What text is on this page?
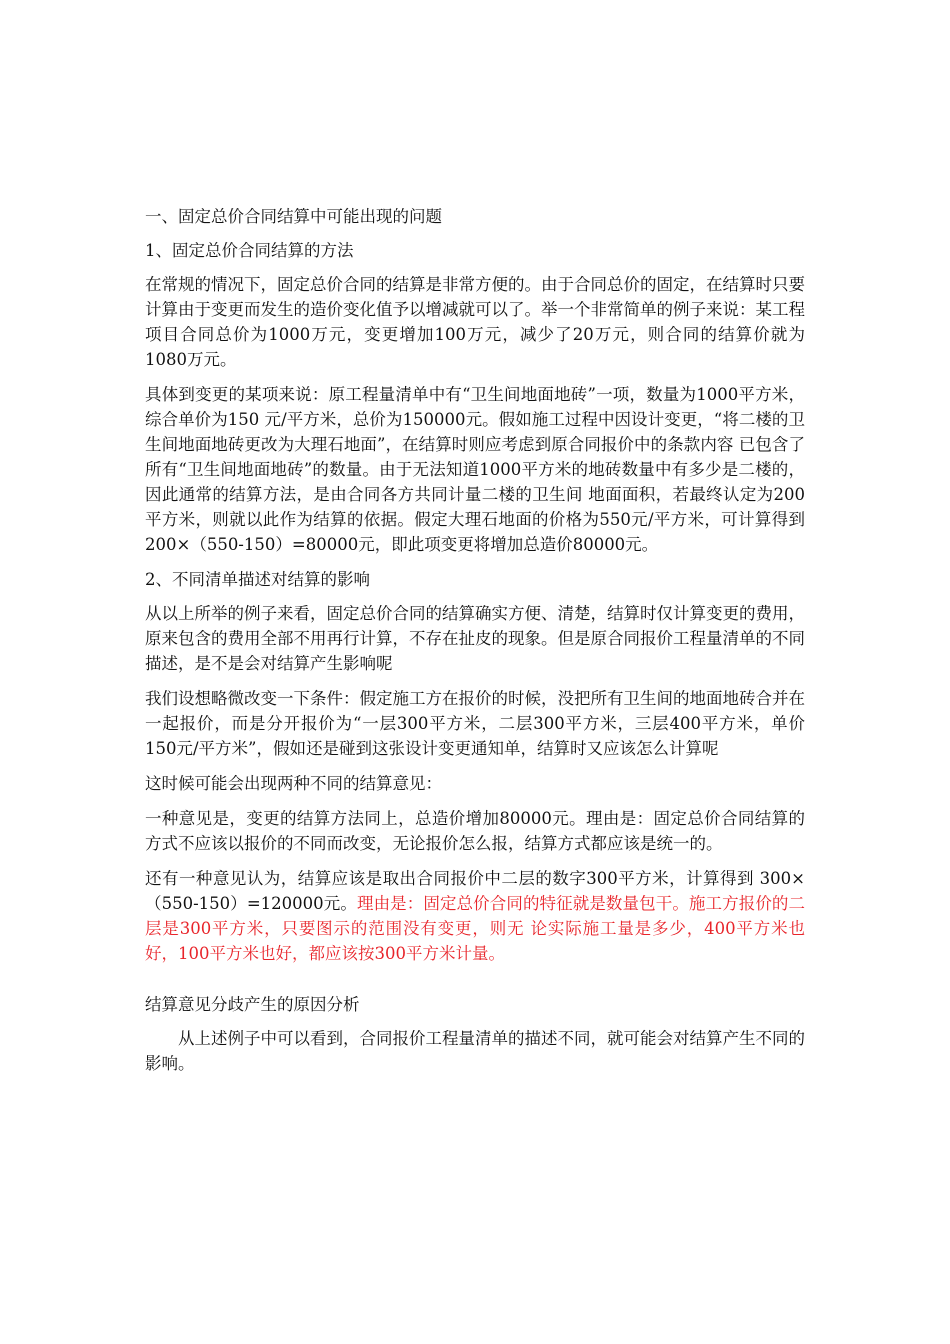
一、固定总价合同结算中可能出现的问题

1、固定总价合同结算的方法

在常规的情况下，固定总价合同的结算是非常方便的。由于合同总价的固定，在结算时只要计算由于变更而发生的造价变化值予以增减就可以了。举一个非常简单的例子来说：某工程项目合同总价为1000万元，变更增加100万元，减少了20万元，则合同的结算价就为1080万元。

具体到变更的某项来说：原工程量清单中有“卫生间地面地砖”一项，数量为1000平方米，综合单价为150 元/平方米，总价为150000元。假如施工过程中因设计变更，“将二楼的卫生间地面地砖更改为大理石地面”，在结算时则应考虑到原合同报价中的条款内容 已包含了所有“卫生间地面地砖”的数量。由于无法知道1000平方米的地砖数量中有多少是二楼的，因此通常的结算方法，是由合同各方共同计量二楼的卫生间 地面面积，若最终认定为200平方米，则就以此作为结算的依据。假定大理石地面的价格为550元/平方米，可计算得到200×（550-150）=80000元，即此项变更将增加总造价80000元。

2、不同清单描述对结算的影响

从以上所举的例子来看，固定总价合同的结算确实方便、清楚，结算时仅计算变更的费用，原来包含的费用全部不用再行计算，不存在扯皮的现象。但是原合同报价工程量清单的不同描述，是不是会对结算产生影响呢

我们设想略微改变一下条件：假定施工方在报价的时候，没把所有卫生间的地面地砖合并在一起报价，而是分开报价为“一层300平方米，二层300平方米，三层400平方米，单价150元/平方米”，假如还是碰到这张设计变更通知单，结算时又应该怎么计算呢

这时候可能会出现两种不同的结算意见：

一种意见是，变更的结算方法同上，总造价增加80000元。理由是：固定总价合同结算的方式不应该以报价的不同而改变，无论报价怎么报，结算方式都应该是统一的。

还有一种意见认为，结算应该是取出合同报价中二层的数字300平方米，计算得到 300×（550-150）=120000元。理由是：固定总价合同的特征就是数量包干。施工方报价的二层是300平方米，只要图示的范围没有变更，则无 论实际施工量是多少，400平方米也好，100平方米也好，都应该按300平方米计量。

结算意见分歧产生的原因分析

从上述例子中可以看到，合同报价工程量清单的描述不同，就可能会对结算产生不同的影响。
